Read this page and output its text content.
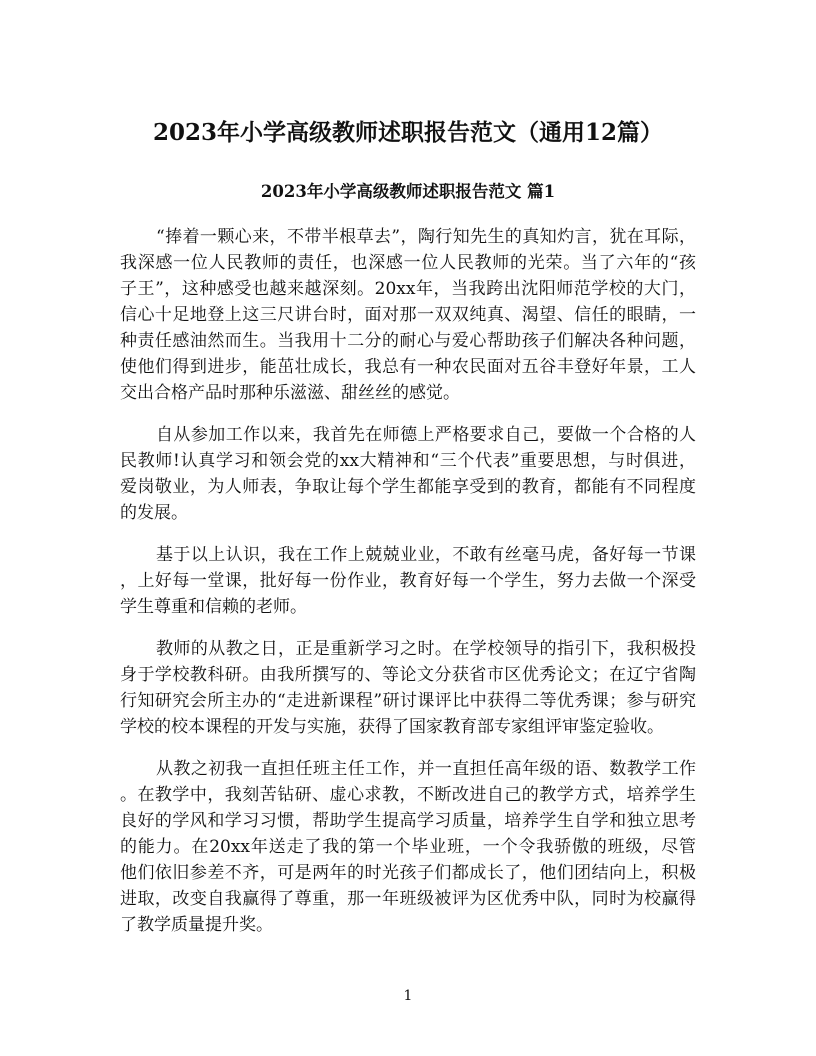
2023年小学高级教师述职报告范文（通用12篇）
2023年小学高级教师述职报告范文 篇1
“捧着一颗心来，不带半根草去”，陶行知先生的真知灼言，犹在耳际，
我深感一位人民教师的责任，也深感一位人民教师的光荣。当了六年的“孩
子王”，这种感受也越来越深刻。20xx年，当我跨出沈阳师范学校的大门，
信心十足地登上这三尺讲台时，面对那一双双纯真、渴望、信任的眼睛，一
种责任感油然而生。当我用十二分的耐心与爱心帮助孩子们解决各种问题，
使他们得到进步，能茁壮成长，我总有一种农民面对五谷丰登好年景，工人
交出合格产品时那种乐滋滋、甜丝丝的感觉。
自从参加工作以来，我首先在师德上严格要求自己，要做一个合格的人
民教师!认真学习和领会党的xx大精神和“三个代表”重要思想，与时俱进，
爱岗敬业，为人师表，争取让每个学生都能享受到的教育，都能有不同程度
的发展。
基于以上认识，我在工作上兢兢业业，不敢有丝毫马虎，备好每一节课
，上好每一堂课，批好每一份作业，教育好每一个学生，努力去做一个深受
学生尊重和信赖的老师。
教师的从教之日，正是重新学习之时。在学校领导的指引下，我积极投
身于学校教科研。由我所撰写的、等论文分获省市区优秀论文；在辽宁省陶
行知研究会所主办的“走进新课程”研讨课评比中获得二等优秀课；参与研究
学校的校本课程的开发与实施，获得了国家教育部专家组评审鉴定验收。
从教之初我一直担任班主任工作，并一直担任高年级的语、数教学工作
。在教学中，我刻苦钻研、虚心求教，不断改进自己的教学方式，培养学生
良好的学风和学习习惯，帮助学生提高学习质量，培养学生自学和独立思考
的能力。在20xx年送走了我的第一个毕业班，一个令我骄傲的班级，尽管
他们依旧参差不齐，可是两年的时光孩子们都成长了，他们团结向上，积极
进取，改变自我赢得了尊重，那一年班级被评为区优秀中队，同时为校赢得
了教学质量提升奖。
1
